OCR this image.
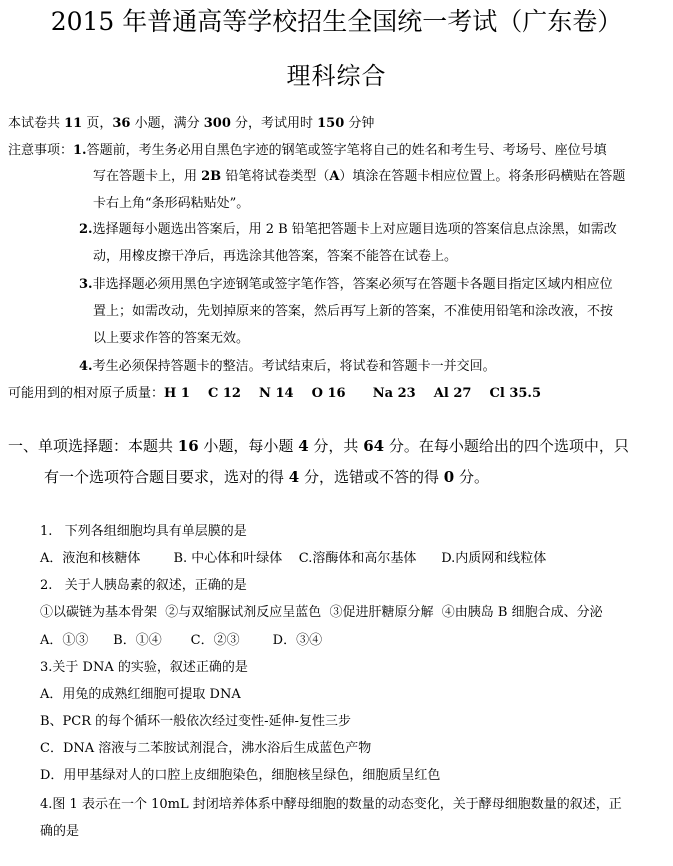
2015 年普通高等学校招生全国统一考试（广东卷）
理科综合
本试卷共 11 页，36 小题，满分 300 分，考试用时 150 分钟
注意事项：1.答题前，考生务必用自黑色字迹的钢笔或签字笔将自己的姓名和考生号、考场号、座位号填
写在答题卡上，用 2B 铅笔将试卷类型（A）填涂在答题卡相应位置上。将条形码横贴在答题
卡右上角“条形码粘贴处”。
2.选择题每小题选出答案后，用 2 B 铅笔把答题卡上对应题目选项的答案信息点涂黑，如需改
动，用橡皮擦干净后，再选涂其他答案，答案不能答在试卷上。
3.非选择题必须用黑色字迹钢笔或签字笔作答，答案必须写在答题卡各题目指定区域内相应位
置上；如需改动，先划掉原来的答案，然后再写上新的答案，不准使用铅笔和涂改液，不按
以上要求作答的答案无效。
4.考生必须保持答题卡的整洁。考试结束后，将试卷和答题卡一并交回。
可能用到的相对原子质量：H 1    C 12    N 14    O 16      Na 23    Al 27    Cl 35.5
一、单项选择题：本题共 16 小题，每小题 4 分，共 64 分。在每小题给出的四个选项中，只
有一个选项符合题目要求，选对的得 4 分，选错或不答的得 0 分。
1.   下列各组细胞均具有单层膜的是
A．液泡和核糖体        B. 中心体和叶绿体    C.溶酶体和高尔基体      D.内质网和线粒体
2.   关于人胰岛素的叙述，正确的是
①以碳链为基本骨架  ②与双缩脲试剂反应呈蓝色  ③促进肝糖原分解  ④由胰岛 B 细胞合成、分泌
A．①③      B．①④       C．②③        D．③④
3.关于 DNA 的实验，叙述正确的是
A．用兔的成熟红细胞可提取 DNA
B、PCR 的每个循环一般依次经过变性-延伸-复性三步
C．DNA 溶液与二苯胺试剂混合，沸水浴后生成蓝色产物
D．用甲基绿对人的口腔上皮细胞染色，细胞核呈绿色，细胞质呈红色
4.图 1 表示在一个 10mL 封闭培养体系中酵母细胞的数量的动态变化，关于酵母细胞数量的叙述，正
确的是
